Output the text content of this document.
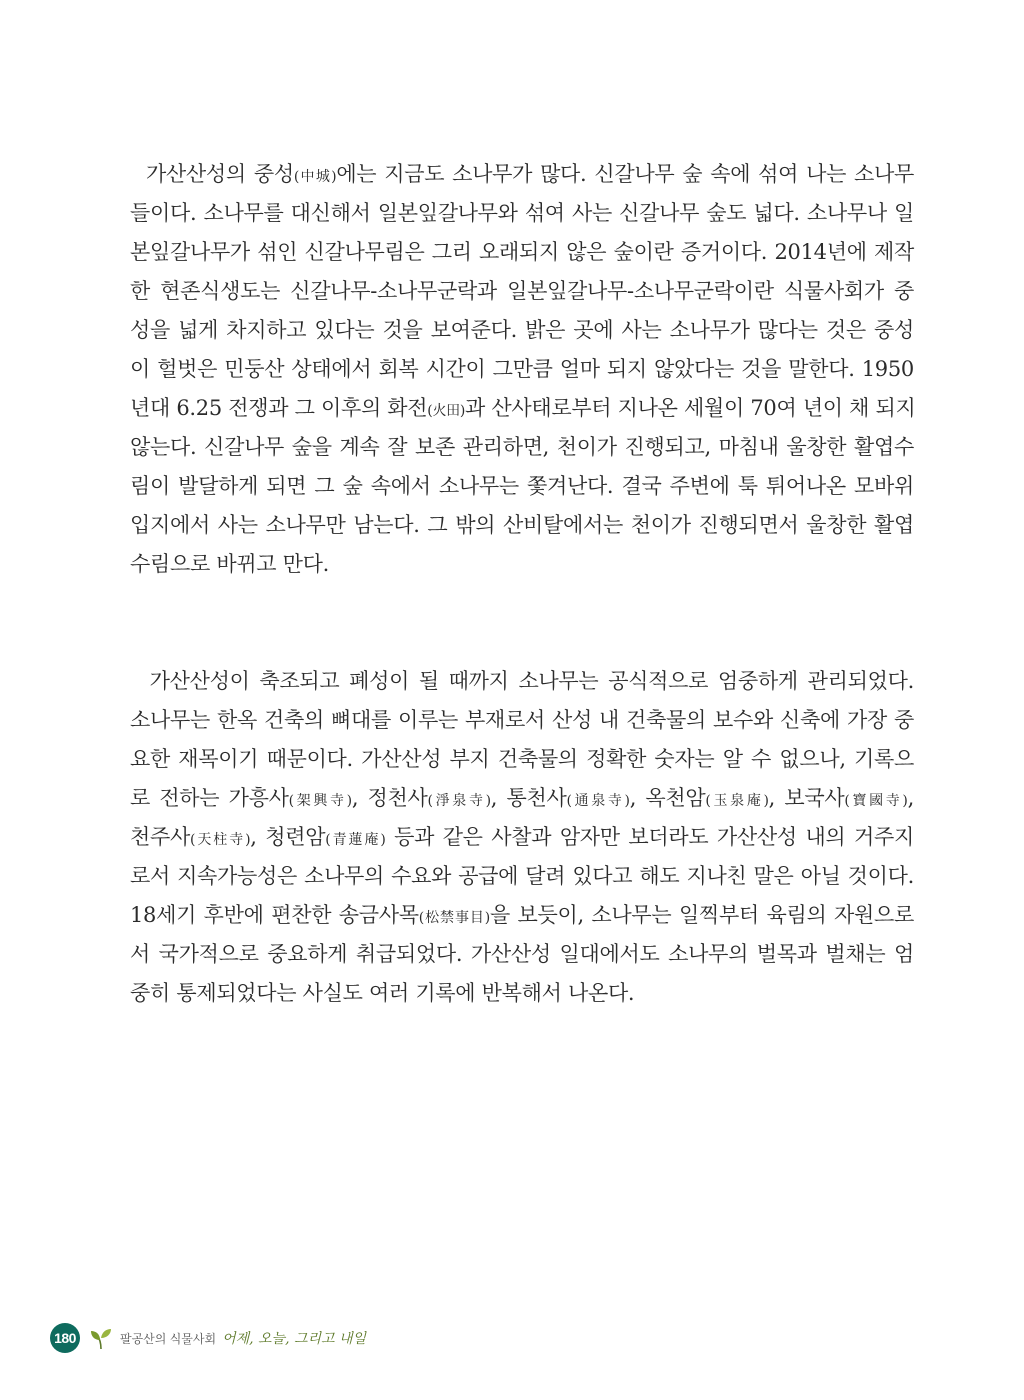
가산산성의 중성(中城)에는 지금도 소나무가 많다. 신갈나무 숲 속에 섞여 나는 소나무
들이다. 소나무를 대신해서 일본잎갈나무와 섞여 사는 신갈나무 숲도 넓다. 소나무나 일
본잎갈나무가 섞인 신갈나무림은 그리 오래되지 않은 숲이란 증거이다. 2014년에 제작
한 현존식생도는 신갈나무-소나무군락과 일본잎갈나무-소나무군락이란 식물사회가 중
성을 넓게 차지하고 있다는 것을 보여준다. 밝은 곳에 사는 소나무가 많다는 것은 중성
이 헐벗은 민둥산 상태에서 회복 시간이 그만큼 얼마 되지 않았다는 것을 말한다. 1950
년대 6.25 전쟁과 그 이후의 화전(火田)과 산사태로부터 지나온 세월이 70여 년이 채 되지
않는다. 신갈나무 숲을 계속 잘 보존 관리하면, 천이가 진행되고, 마침내 울창한 활엽수
림이 발달하게 되면 그 숲 속에서 소나무는 쫓겨난다. 결국 주변에 툭 튀어나온 모바위
입지에서 사는 소나무만 남는다. 그 밖의 산비탈에서는 천이가 진행되면서 울창한 활엽
수림으로 바뀌고 만다.
가산산성이 축조되고 폐성이 될 때까지 소나무는 공식적으로 엄중하게 관리되었다.
소나무는 한옥 건축의 뼈대를 이루는 부재로서 산성 내 건축물의 보수와 신축에 가장 중
요한 재목이기 때문이다. 가산산성 부지 건축물의 정확한 숫자는 알 수 없으나, 기록으
로 전하는 가흥사(架興寺), 정천사(淨泉寺), 통천사(通泉寺), 옥천암(玉泉庵), 보국사(寶國寺),
천주사(天柱寺), 청련암(青蓮庵) 등과 같은 사찰과 암자만 보더라도 가산산성 내의 거주지
로서 지속가능성은 소나무의 수요와 공급에 달려 있다고 해도 지나친 말은 아닐 것이다.
18세기 후반에 편찬한 송금사목(松禁事目)을 보듯이, 소나무는 일찍부터 육림의 자원으로
서 국가적으로 중요하게 취급되었다. 가산산성 일대에서도 소나무의 벌목과 벌채는 엄
중히 통제되었다는 사실도 여러 기록에 반복해서 나온다.
180	팔공산의 식물사회 어제, 오늘, 그리고 내일
